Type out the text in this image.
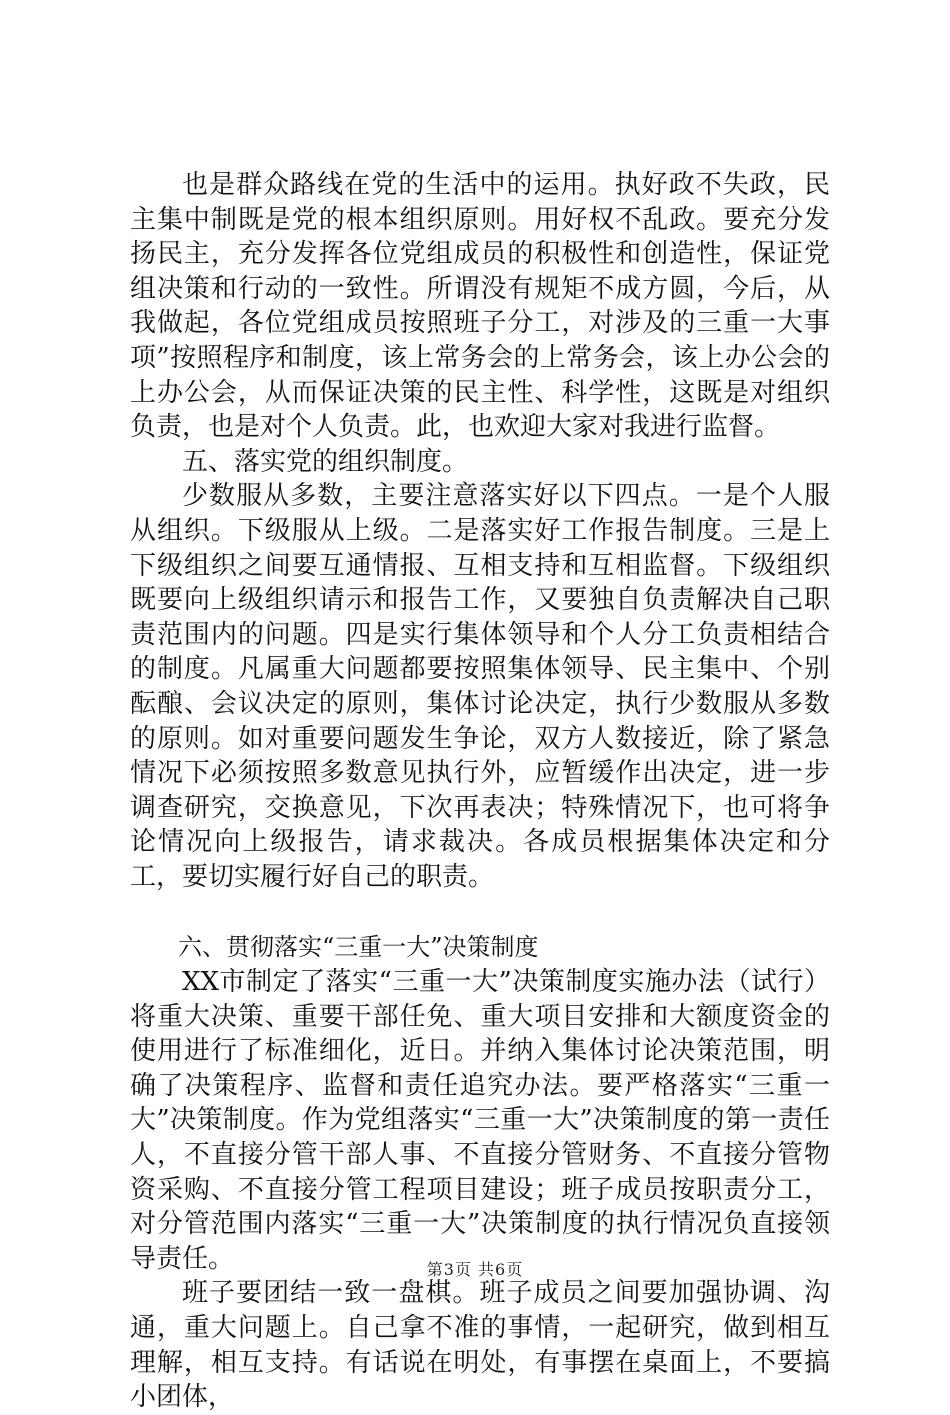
也是群众路线在党的生活中的运用。执好政不失政，民主集中制既是党的根本组织原则。用好权不乱政。要充分发扬民主，充分发挥各位党组成员的积极性和创造性，保证党组决策和行动的一致性。所谓没有规矩不成方圆，今后，从我做起，各位党组成员按照班子分工，对涉及的三重一大事项”按照程序和制度，该上常务会的上常务会，该上办公会的上办公会，从而保证决策的民主性、科学性，这既是对组织负责，也是对个人负责。此，也欢迎大家对我进行监督。

五、落实党的组织制度。

少数服从多数，主要注意落实好以下四点。一是个人服从组织。下级服从上级。二是落实好工作报告制度。三是上下级组织之间要互通情报、互相支持和互相监督。下级组织既要向上级组织请示和报告工作，又要独自负责解决自己职责范围内的问题。四是实行集体领导和个人分工负责相结合的制度。凡属重大问题都要按照集体领导、民主集中、个别酝酿、会议决定的原则，集体讨论决定，执行少数服从多数的原则。如对重要问题发生争论，双方人数接近，除了紧急情况下必须按照多数意见执行外，应暂缓作出决定，进一步调查研究，交换意见，下次再表决；特殊情况下，也可将争论情况向上级报告，请求裁决。各成员根据集体决定和分工，要切实履行好自己的职责。

六、贯彻落实“三重一大”决策制度

XX市制定了落实“三重一大”决策制度实施办法（试行）将重大决策、重要干部任免、重大项目安排和大额度资金的使用进行了标准细化，近日。并纳入集体讨论决策范围，明确了决策程序、监督和责任追究办法。要严格落实“三重一大”决策制度。作为党组落实“三重一大”决策制度的第一责任人，不直接分管干部人事、不直接分管财务、不直接分管物资采购、不直接分管工程项目建设；班子成员按职责分工，对分管范围内落实“三重一大”决策制度的执行情况负直接领导责任。

班子要团结一致一盘棋。班子成员之间要加强协调、沟通，重大问题上。自己拿不准的事情，一起研究，做到相互理解，相互支持。有话说在明处，有事摆在桌面上，不要搞小团体，

第3页 共6页
